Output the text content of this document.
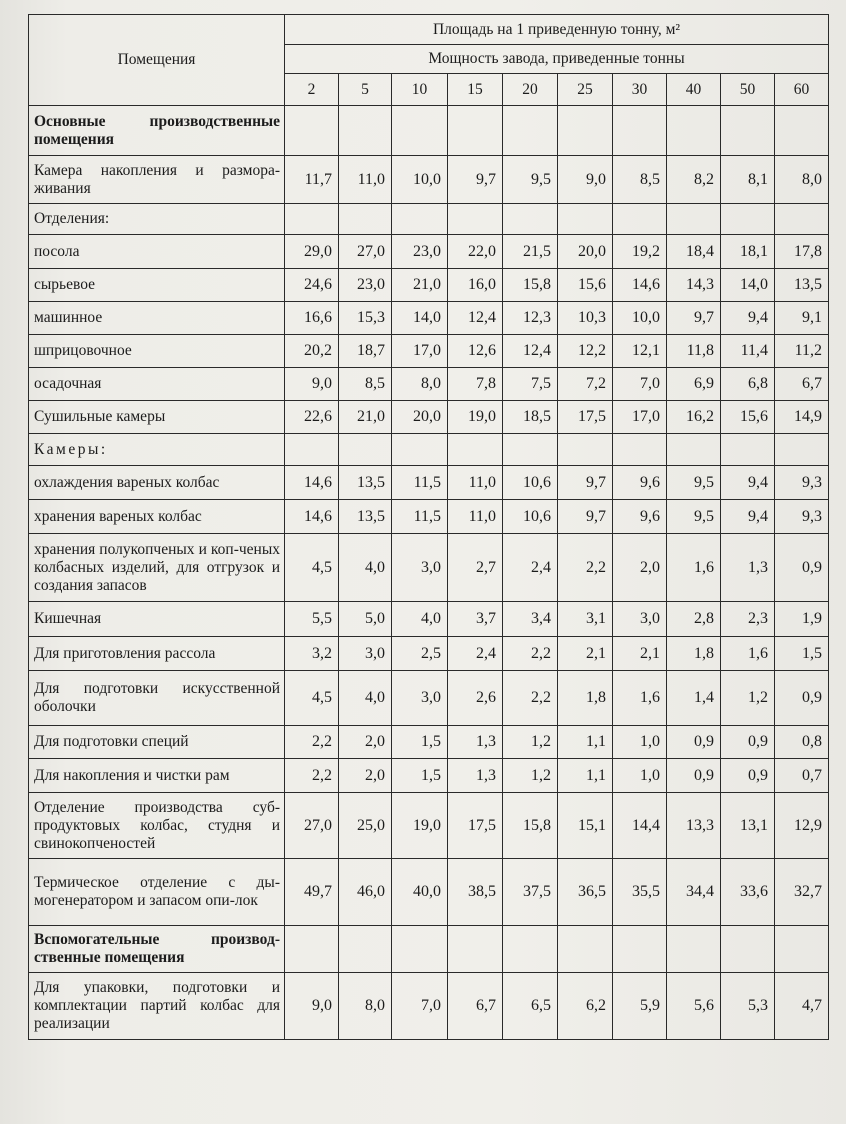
Помещения	Площадь на 1 приведенную тонну, м²									
	Мощность завода, приведенные тонны									
	2	5	10	15	20	25	30	40	50	60
Основные производственные помещения										
Камера накопления и размора-живания	11,7	11,0	10,0	9,7	9,5	9,0	8,5	8,2	8,1	8,0
Отделения:										
посола	29,0	27,0	23,0	22,0	21,5	20,0	19,2	18,4	18,1	17,8
сырьевое	24,6	23,0	21,0	16,0	15,8	15,6	14,6	14,3	14,0	13,5
машинное	16,6	15,3	14,0	12,4	12,3	10,3	10,0	9,7	9,4	9,1
шприцовочное	20,2	18,7	17,0	12,6	12,4	12,2	12,1	11,8	11,4	11,2
осадочная	9,0	8,5	8,0	7,8	7,5	7,2	7,0	6,9	6,8	6,7
Сушильные камеры	22,6	21,0	20,0	19,0	18,5	17,5	17,0	16,2	15,6	14,9
Камеры:										
охлаждения вареных колбас	14,6	13,5	11,5	11,0	10,6	9,7	9,6	9,5	9,4	9,3
хранения вареных колбас	14,6	13,5	11,5	11,0	10,6	9,7	9,6	9,5	9,4	9,3
хранения полукопченых и коп-ченых колбасных изделий, для отгрузок и создания запасов	4,5	4,0	3,0	2,7	2,4	2,2	2,0	1,6	1,3	0,9
Кишечная	5,5	5,0	4,0	3,7	3,4	3,1	3,0	2,8	2,3	1,9
Для приготовления рассола	3,2	3,0	2,5	2,4	2,2	2,1	2,1	1,8	1,6	1,5
Для подготовки искусственной оболочки	4,5	4,0	3,0	2,6	2,2	1,8	1,6	1,4	1,2	0,9
Для подготовки специй	2,2	2,0	1,5	1,3	1,2	1,1	1,0	0,9	0,9	0,8
Для накопления и чистки рам	2,2	2,0	1,5	1,3	1,2	1,1	1,0	0,9	0,9	0,7
Отделение производства суб-продуктовых колбас, студня и свинокопченостей	27,0	25,0	19,0	17,5	15,8	15,1	14,4	13,3	13,1	12,9
Термическое отделение с ды-могенератором и запасом опи-лок	49,7	46,0	40,0	38,5	37,5	36,5	35,5	34,4	33,6	32,7
Вспомогательные производ-ственные помещения										
Для упаковки, подготовки и комплектации партий колбас для реализации	9,0	8,0	7,0	6,7	6,5	6,2	5,9	5,6	5,3	4,7
